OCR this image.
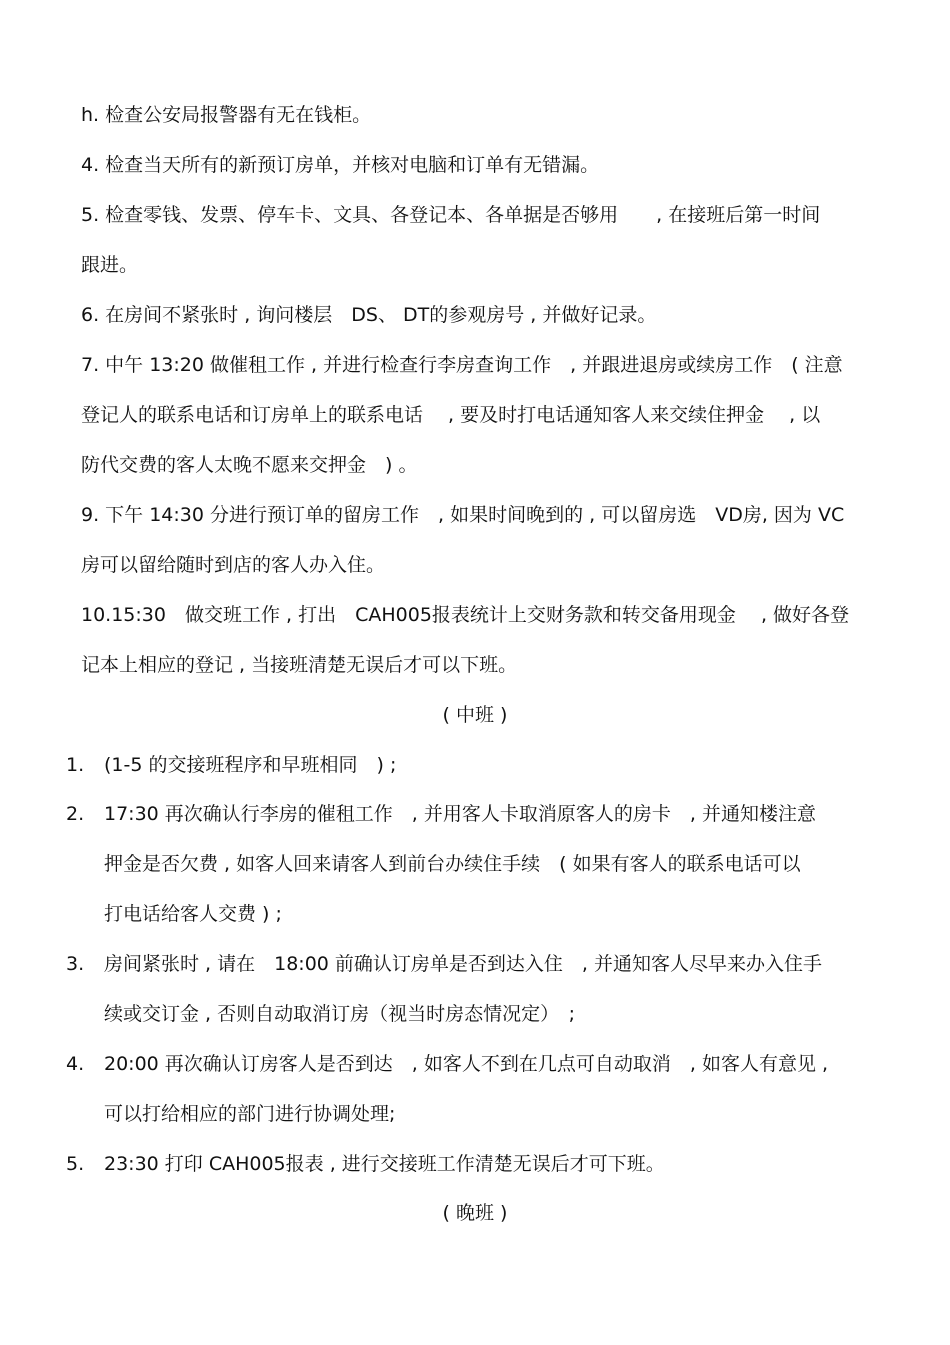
h. 检查公安局报警器有无在钱柜。
4. 检查当天所有的新预订房单，并核对电脑和订单有无错漏。
5. 检查零钱、发票、停车卡、文具、各登记本、各单据是否够用　　, 在接班后第一时间
跟进。
6. 在房间不紧张时 , 询问楼层　DS、 DT的参观房号 , 并做好记录。
7. 中午 13:20 做催租工作 , 并进行检查行李房查询工作　, 并跟进退房或续房工作　( 注意
登记人的联系电话和订房单上的联系电话　 , 要及时打电话通知客人来交续住押金　 , 以
防代交费的客人太晚不愿来交押金　) 。
9. 下午 14:30 分进行预订单的留房工作　, 如果时间晚到的 , 可以留房选　VD房, 因为 VC
房可以留给随时到店的客人办入住。
10.15:30　做交班工作 , 打出　CAH005报表统计上交财务款和转交备用现金　 , 做好各登
记本上相应的登记 , 当接班清楚无误后才可以下班。
( 中班 )
1. (1-5 的交接班程序和早班相同　) ;
2. 17:30 再次确认行李房的催租工作　, 并用客人卡取消原客人的房卡　, 并通知楼注意
押金是否欠费 , 如客人回来请客人到前台办续住手续　( 如果有客人的联系电话可以
打电话给客人交费 ) ;
3. 房间紧张时 , 请在　18:00 前确认订房单是否到达入住　, 并通知客人尽早来办入住手
续或交订金 , 否则自动取消订房（视当时房态情况定）　;
4. 20:00 再次确认订房客人是否到达　, 如客人不到在几点可自动取消　, 如客人有意见 ,
可以打给相应的部门进行协调处理;
5. 23:30 打印 CAH005报表 , 进行交接班工作清楚无误后才可下班。
( 晚班 )
